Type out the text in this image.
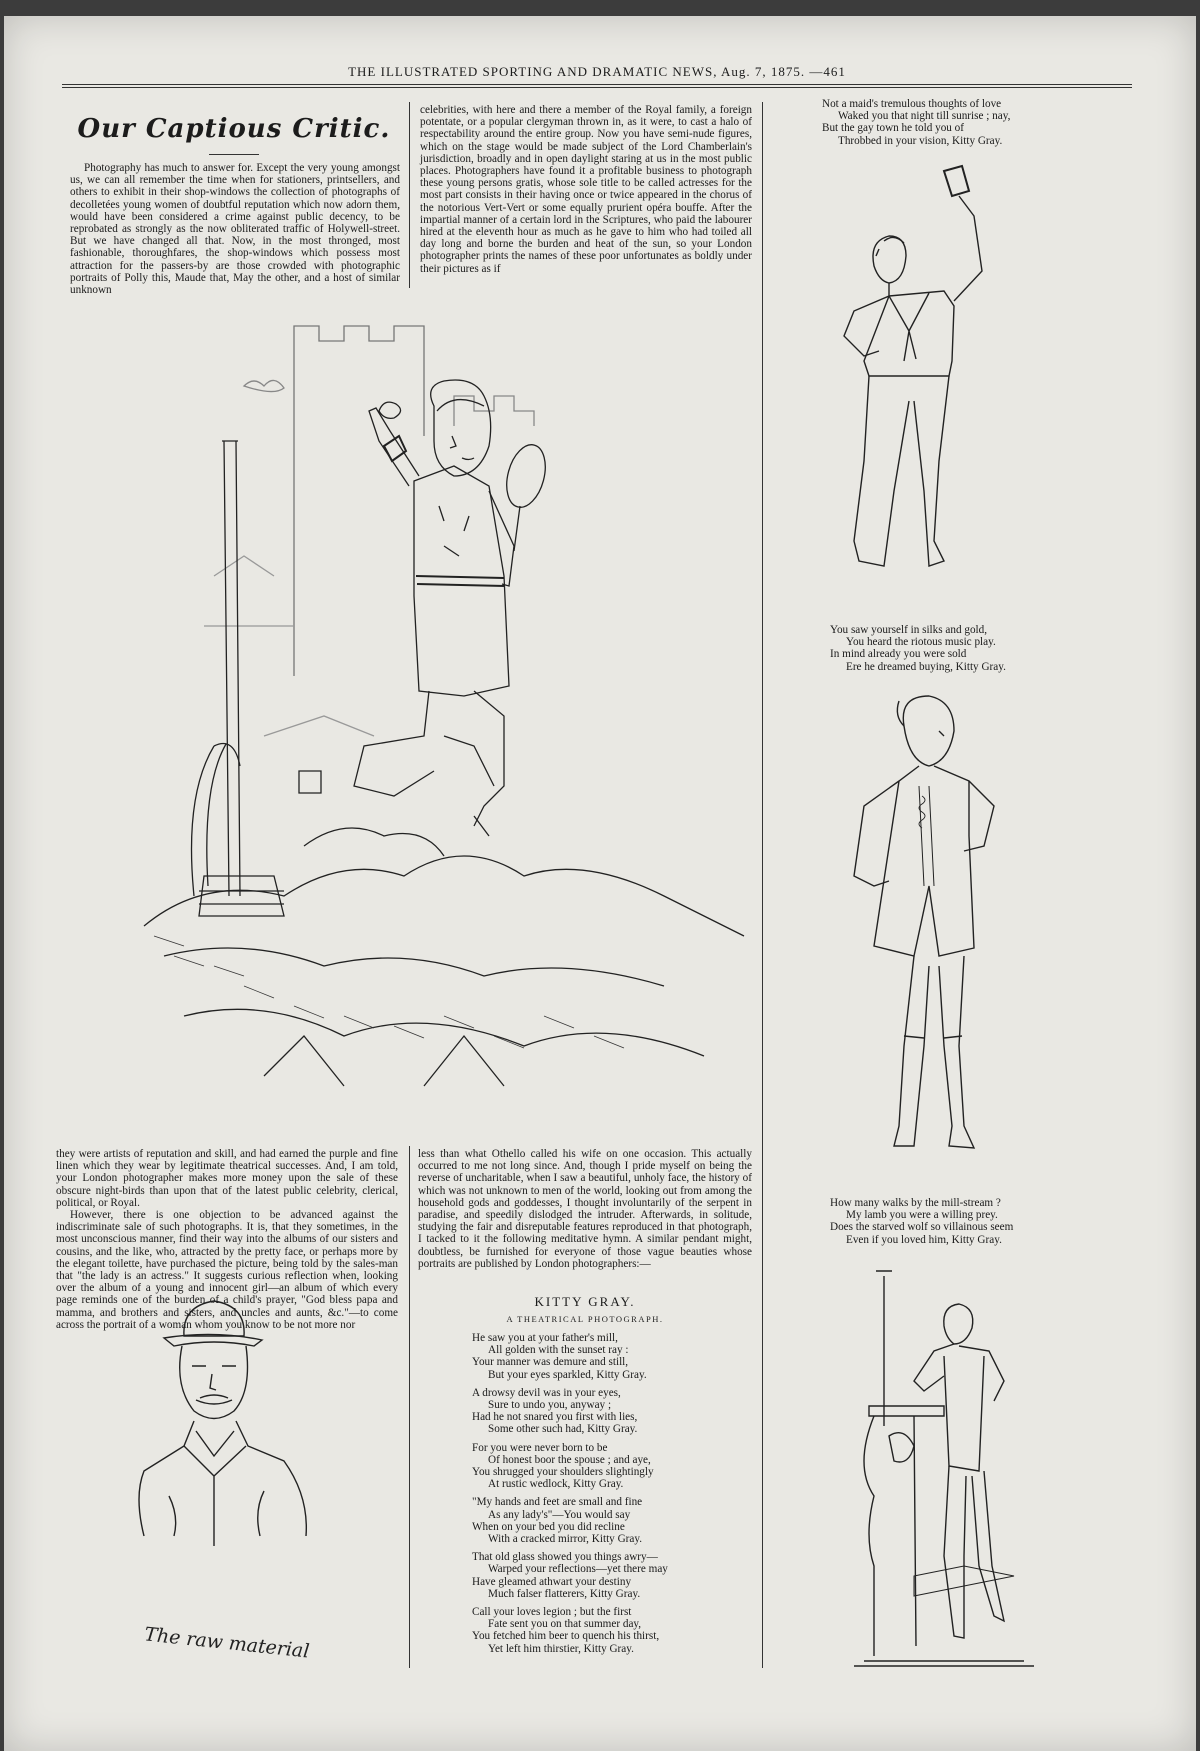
THE ILLUSTRATED SPORTING AND DRAMATIC NEWS, Aug. 7, 1875. —461
Our Captious Critic.

Photography has much to answer for. Except the very young amongst us, we can all remember the time when for stationers, printsellers, and others to exhibit in their shop-windows the collection of photographs of decolletées young women of doubtful reputation which now adorn them, would have been considered a crime against public decency, to be reprobated as strongly as the now obliterated traffic of Holywell-street. But we have changed all that. Now, in the most thronged, most fashionable, thoroughfares, the shop-windows which possess most attraction for the passers-by are those crowded with photographic portraits of Polly this, Maude that, May the other, and a host of similar unknown

celebrities, with here and there a member of the Royal family, a foreign potentate, or a popular clergyman thrown in, as it were, to cast a halo of respectability around the entire group. Now you have semi-nude figures, which on the stage would be made subject of the Lord Chamberlain's jurisdiction, broadly and in open daylight staring at us in the most public places. Photographers have found it a profitable business to photograph these young persons gratis, whose sole title to be called actresses for the most part consists in their having once or twice appeared in the chorus of the notorious Vert-Vert or some equally prurient opéra bouffe. After the impartial manner of a certain lord in the Scriptures, who paid the labourer hired at the eleventh hour as much as he gave to him who had toiled all day long and borne the burden and heat of the sun, so your London photographer prints the names of these poor unfortunates as boldly under their pictures as if

they were artists of reputation and skill, and had earned the purple and fine linen which they wear by legitimate theatrical successes. And, I am told, your London photographer makes more money upon the sale of these obscure night-birds than upon that of the latest public celebrity, clerical, political, or Royal.

However, there is one objection to be advanced against the indiscriminate sale of such photographs. It is, that they sometimes, in the most unconscious manner, find their way into the albums of our sisters and cousins, and the like, who, attracted by the pretty face, or perhaps more by the elegant toilette, have purchased the picture, being told by the sales-man that "the lady is an actress." It suggests curious reflection when, looking over the album of a young and innocent girl—an album of which every page reminds one of the burden of a child's prayer, "God bless papa and mamma, and brothers and sisters, and uncles and aunts, &c."—to come across the portrait of a woman whom you know to be not more nor

The raw material

less than what Othello called his wife on one occasion. This actually occurred to me not long since. And, though I pride myself on being the reverse of uncharitable, when I saw a beautiful, unholy face, the history of which was not unknown to men of the world, looking out from among the household gods and goddesses, I thought involuntarily of the serpent in paradise, and speedily dislodged the intruder. Afterwards, in solitude, studying the fair and disreputable features reproduced in that photograph, I tacked to it the following meditative hymn. A similar pendant might, doubtless, be furnished for everyone of those vague beauties whose portraits are published by London photographers:—

KITTY GRAY.
A THEATRICAL PHOTOGRAPH.
He saw you at your father's mill,
All golden with the sunset ray :
Your manner was demure and still,
But your eyes sparkled, Kitty Gray.
A drowsy devil was in your eyes,
Sure to undo you, anyway ;
Had he not snared you first with lies,
Some other such had, Kitty Gray.
For you were never born to be
Of honest boor the spouse ; and aye,
You shrugged your shoulders slightingly
At rustic wedlock, Kitty Gray.
"My hands and feet are small and fine
As any lady's"—You would say
When on your bed you did recline
With a cracked mirror, Kitty Gray.
That old glass showed you things awry—
Warped your reflections—yet there may
Have gleamed athwart your destiny
Much falser flatterers, Kitty Gray.
Call your loves legion ; but the first
Fate sent you on that summer day,
You fetched him beer to quench his thirst,
Yet left him thirstier, Kitty Gray.
Not a maid's tremulous thoughts of love
Waked you that night till sunrise ; nay,
But the gay town he told you of
Throbbed in your vision, Kitty Gray.
You saw yourself in silks and gold,
You heard the riotous music play.
In mind already you were sold
Ere he dreamed buying, Kitty Gray.
How many walks by the mill-stream ?
My lamb you were a willing prey.
Does the starved wolf so villainous seem
Even if you loved him, Kitty Gray.
